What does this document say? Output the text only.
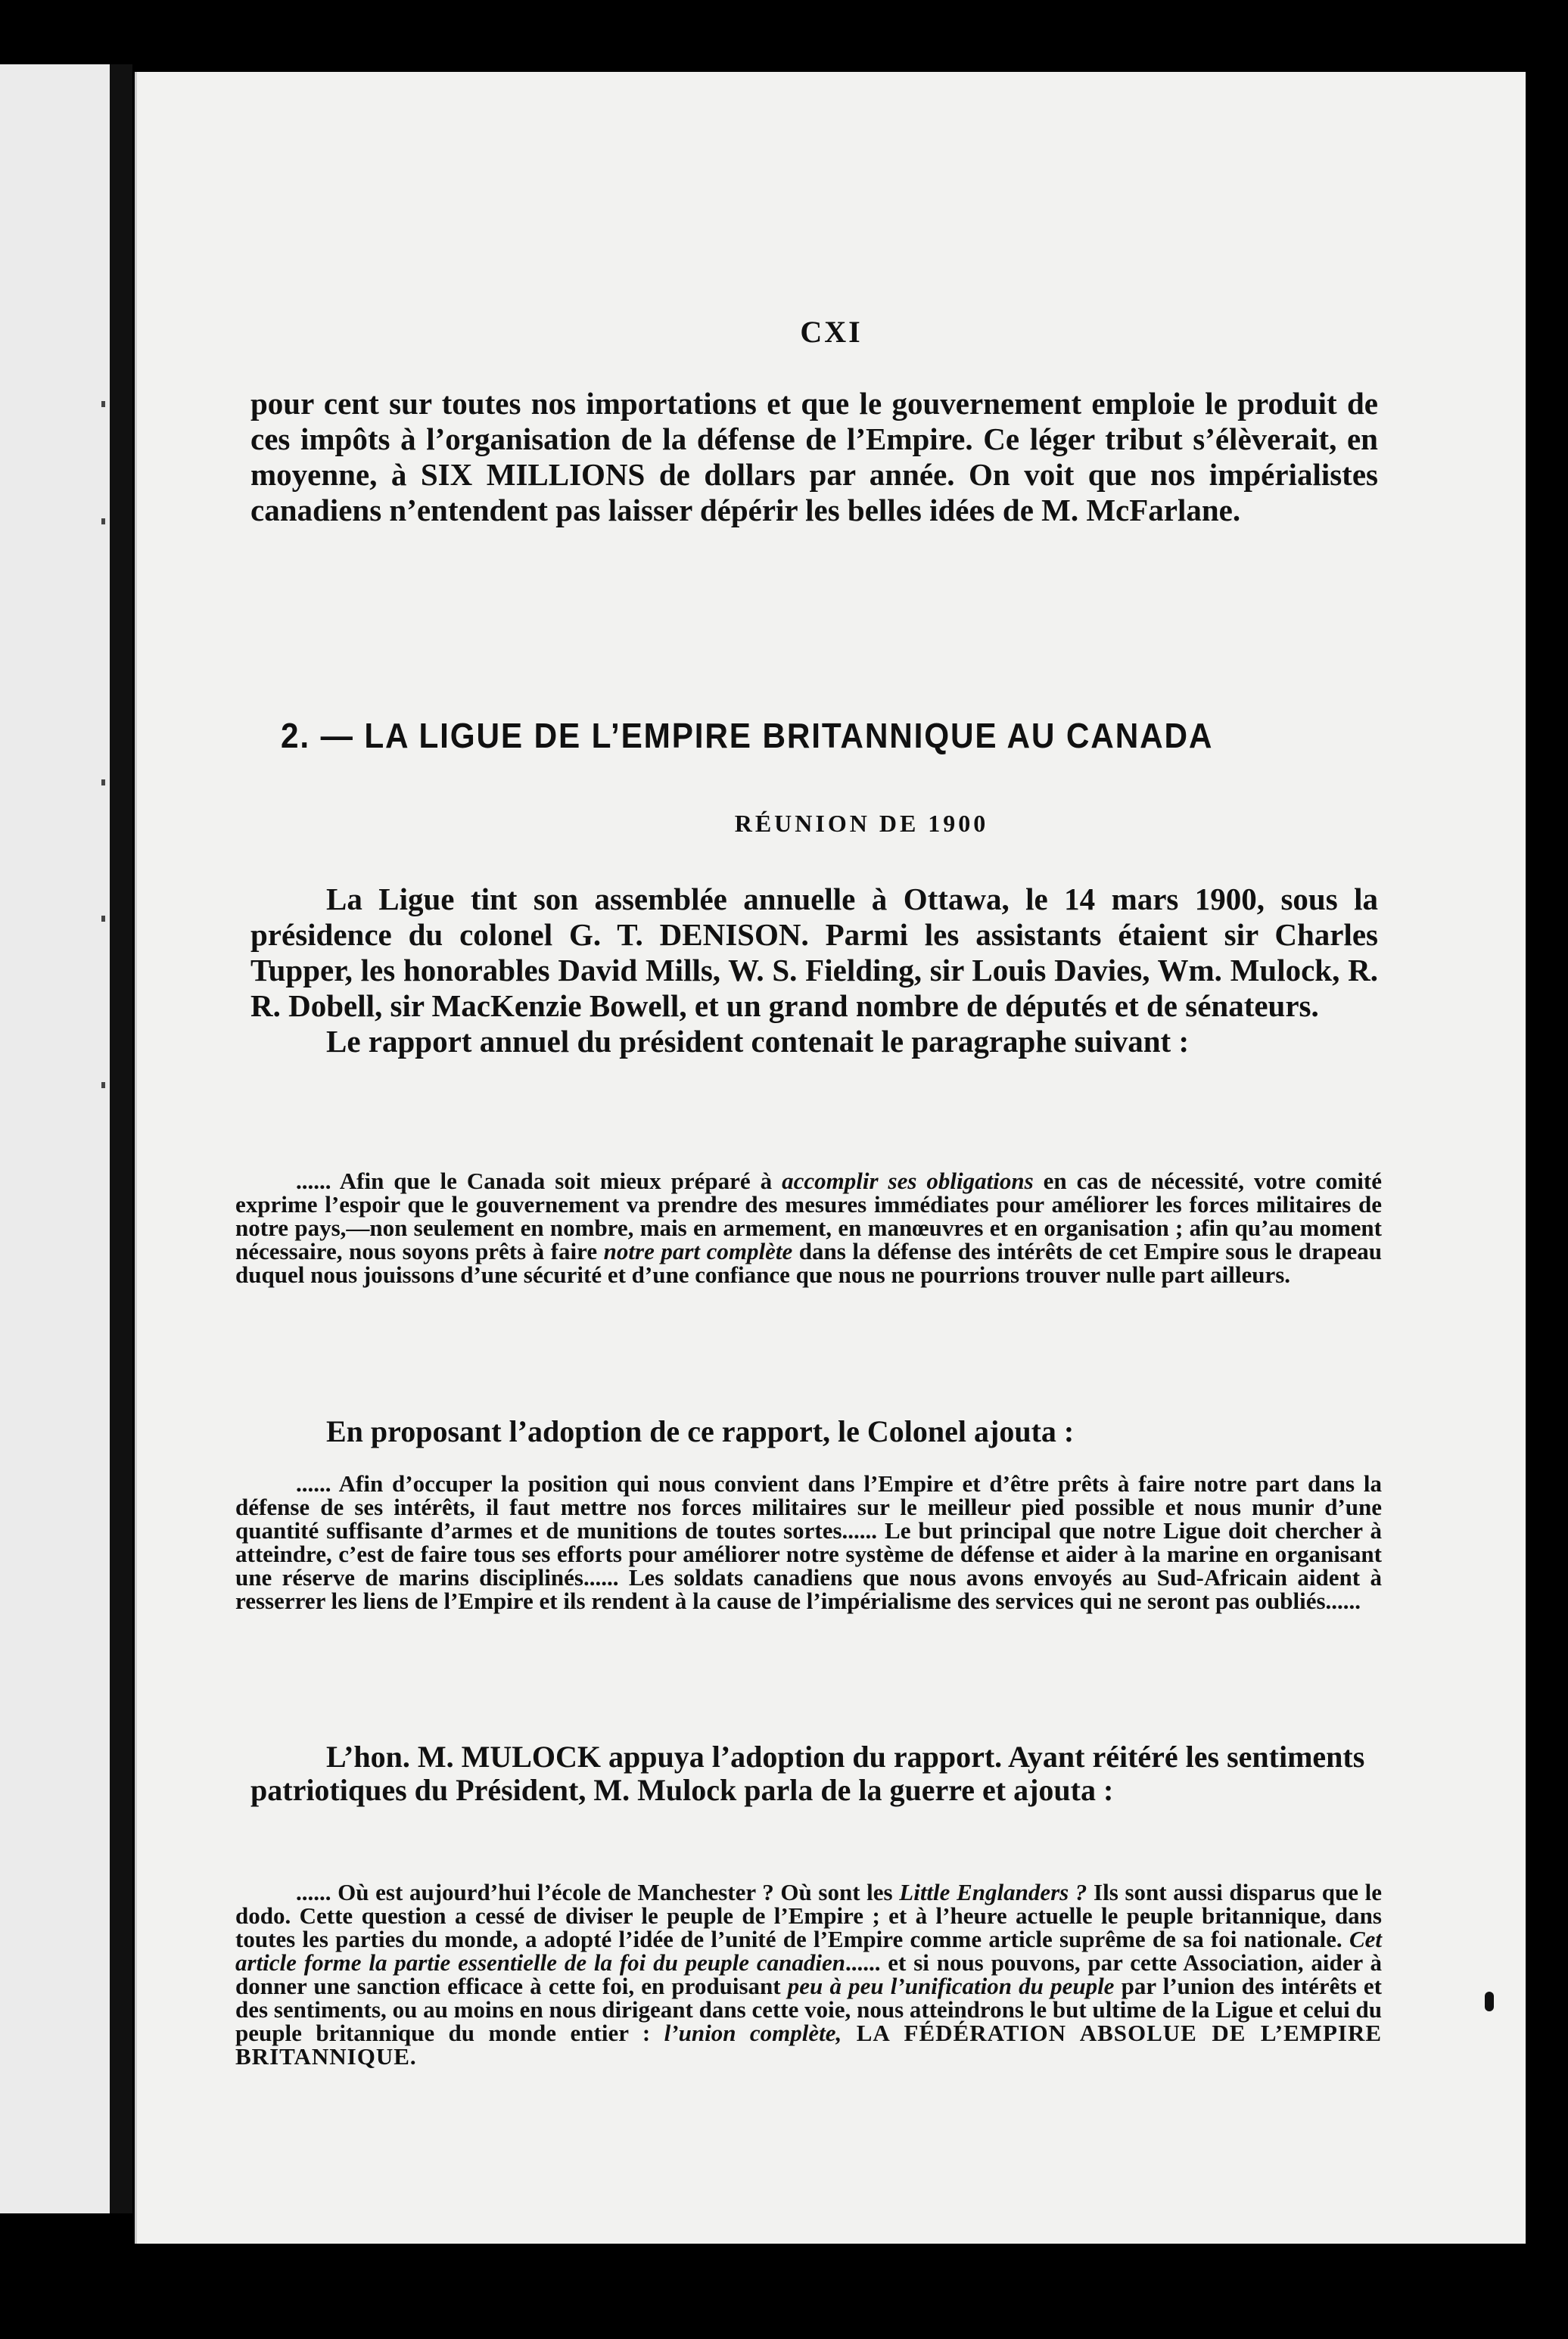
CXI

pour cent sur toutes nos importations et que le gouvernement emploie le produit de ces impôts à l’organisation de la défense de l’Empire. Ce léger tribut s’élèverait, en moyenne, à SIX MILLIONS de dollars par année. On voit que nos impérialistes canadiens n’entendent pas laisser dépérir les belles idées de M. McFarlane.

2. — LA LIGUE DE L’EMPIRE BRITANNIQUE AU CANADA
RÉUNION DE 1900

La Ligue tint son assemblée annuelle à Ottawa, le 14 mars 1900, sous la présidence du colonel G. T. DENISON. Parmi les assistants étaient sir Charles Tupper, les honorables David Mills, W. S. Fielding, sir Louis Davies, Wm. Mulock, R. R. Dobell, sir MacKenzie Bowell, et un grand nombre de députés et de sénateurs.

Le rapport annuel du président contenait le paragraphe suivant :

...... Afin que le Canada soit mieux préparé à accomplir ses obligations en cas de nécessité, votre comité exprime l’espoir que le gouvernement va prendre des mesures immédiates pour améliorer les forces militaires de notre pays,—non seulement en nombre, mais en armement, en manœuvres et en organisation ; afin qu’au moment nécessaire, nous soyons prêts à faire notre part complète dans la défense des intérêts de cet Empire sous le drapeau duquel nous jouissons d’une sécurité et d’une confiance que nous ne pourrions trouver nulle part ailleurs.

En proposant l’adoption de ce rapport, le Colonel ajouta :

...... Afin d’occuper la position qui nous convient dans l’Empire et d’être prêts à faire notre part dans la défense de ses intérêts, il faut mettre nos forces militaires sur le meilleur pied possible et nous munir d’une quantité suffisante d’armes et de munitions de toutes sortes...... Le but principal que notre Ligue doit chercher à atteindre, c’est de faire tous ses efforts pour améliorer notre système de défense et aider à la marine en organisant une réserve de marins disciplinés...... Les soldats canadiens que nous avons envoyés au Sud-Africain aident à resserrer les liens de l’Empire et ils rendent à la cause de l’impérialisme des services qui ne seront pas oubliés......

L’hon. M. MULOCK appuya l’adoption du rapport. Ayant réitéré les sentiments patriotiques du Président, M. Mulock parla de la guerre et ajouta :

...... Où est aujourd’hui l’école de Manchester ? Où sont les Little Englanders ? Ils sont aussi disparus que le dodo. Cette question a cessé de diviser le peuple de l’Empire ; et à l’heure actuelle le peuple britannique, dans toutes les parties du monde, a adopté l’idée de l’unité de l’Empire comme article suprême de sa foi nationale. Cet article forme la partie essentielle de la foi du peuple canadien...... et si nous pouvons, par cette Association, aider à donner une sanction efficace à cette foi, en produisant peu à peu l’unification du peuple par l’union des intérêts et des sentiments, ou au moins en nous dirigeant dans cette voie, nous atteindrons le but ultime de la Ligue et celui du peuple britannique du monde entier : l’union complète, LA FÉDÉRATION ABSOLUE DE L’EMPIRE BRITANNIQUE.
